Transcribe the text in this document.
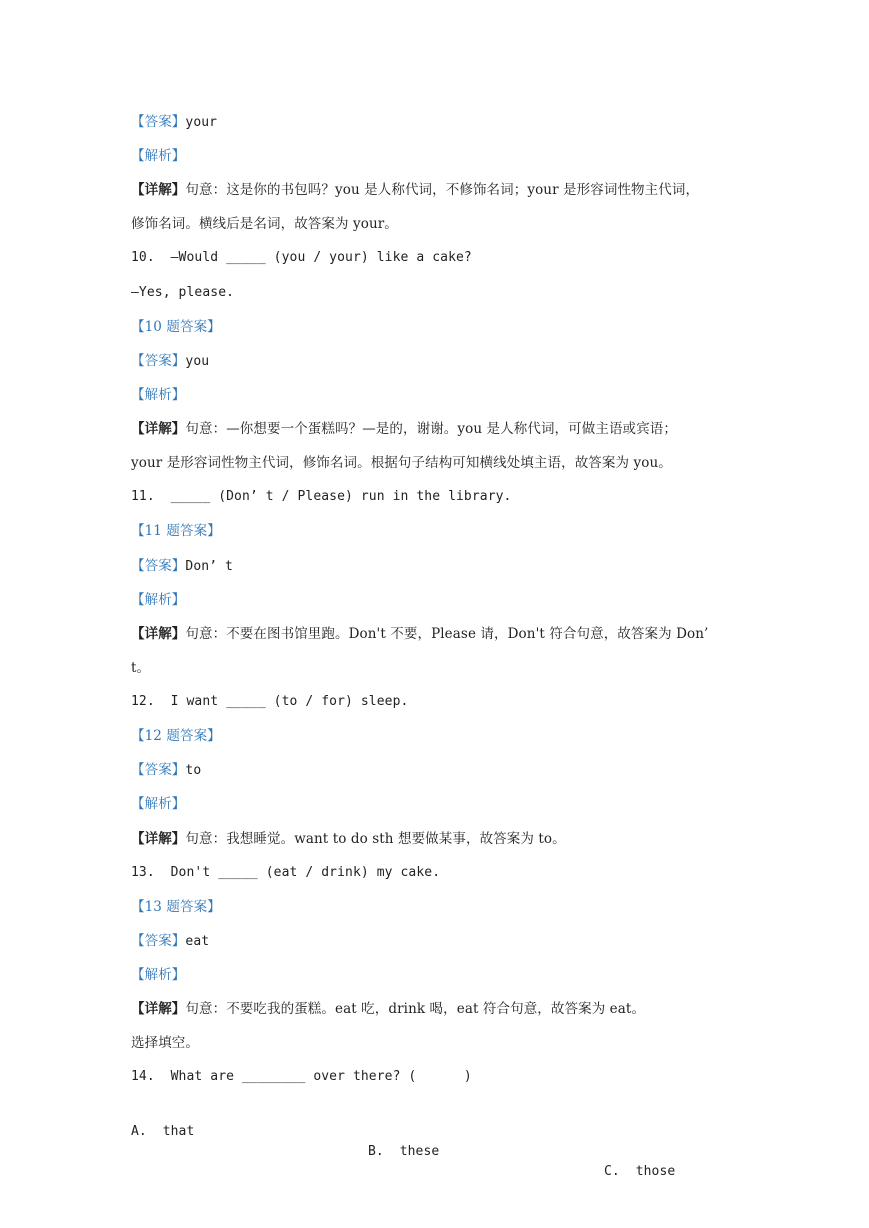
【答案】your
【解析】
【详解】句意：这是你的书包吗？you 是人称代词，不修饰名词；your 是形容词性物主代词，
修饰名词。横线后是名词，故答案为 your。
10.  —Would _____ (you / your) like a cake?
—Yes, please.
【10 题答案】
【答案】you
【解析】
【详解】句意：—你想要一个蛋糕吗？—是的，谢谢。you 是人称代词，可做主语或宾语；
your 是形容词性物主代词，修饰名词。根据句子结构可知横线处填主语，故答案为 you。
11.  _____ (Don’ t / Please) run in the library.
【11 题答案】
【答案】Don’ t
【解析】
【详解】句意：不要在图书馆里跑。Don't 不要，Please 请，Don't 符合句意，故答案为 Don’
t。
12.  I want _____ (to / for) sleep.
【12 题答案】
【答案】to
【解析】
【详解】句意：我想睡觉。want to do sth 想要做某事，故答案为 to。
13.  Don't _____ (eat / drink) my cake.
【13 题答案】
【答案】eat
【解析】
【详解】句意：不要吃我的蛋糕。eat 吃，drink 喝，eat 符合句意，故答案为 eat。
选择填空。
14.  What are ________ over there? (      )

A.  that

B.  these

C.  those
